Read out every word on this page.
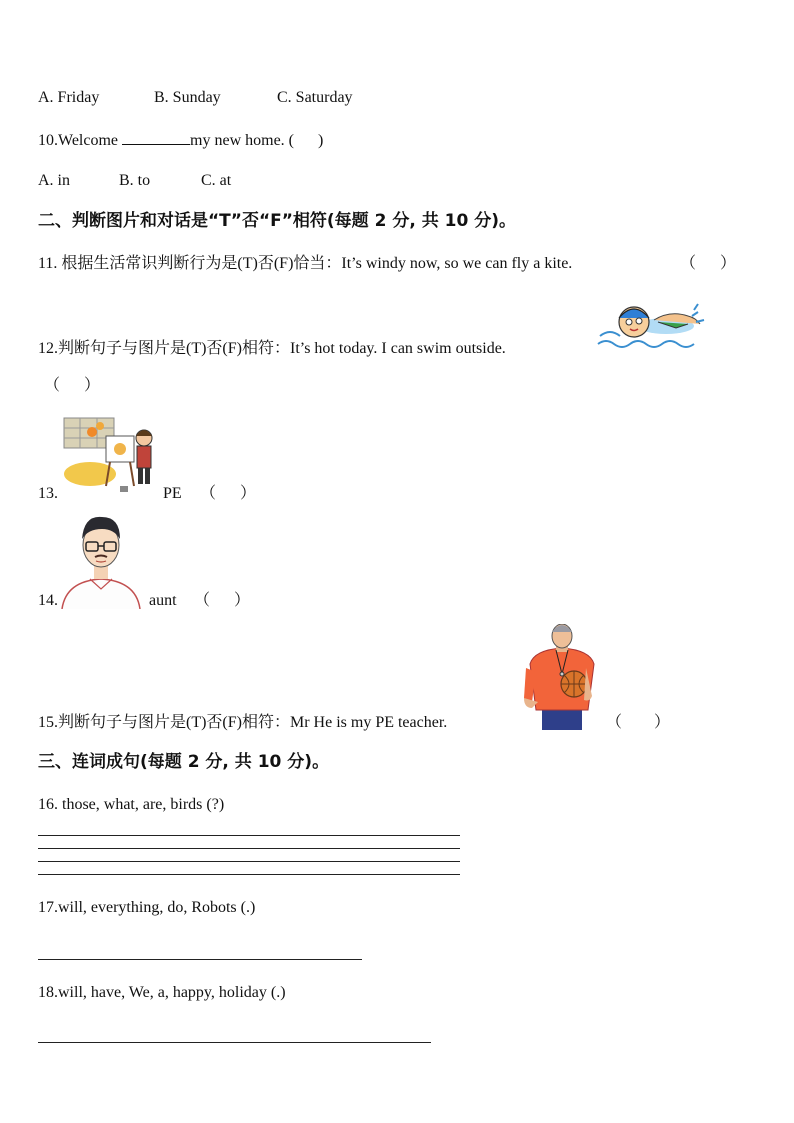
A. Friday	B. Sunday	C. Saturday
10.Welcome	my new home. ( )
A. in	B. to	C. at
二、判断图片和对话是“T”否“F”相符(每题 2 分, 共 10 分)。
11. 根据生活常识判断行为是(T)否(F)恰当：It’s windy now, so we can fly a kite.	（ ）
12.判断句子与图片是(T)否(F)相符：It’s hot today. I can swim outside.
（ ）
13.	PE （ ）
14.	aunt （ ）
15.判断句子与图片是(T)否(F)相符：Mr He is my PE teacher.	（ ）
三、连词成句(每题 2 分, 共 10 分)。
16. those, what, are, birds (?)
17.will, everything, do, Robots (.)
18.will, have, We, a, happy, holiday (.)
